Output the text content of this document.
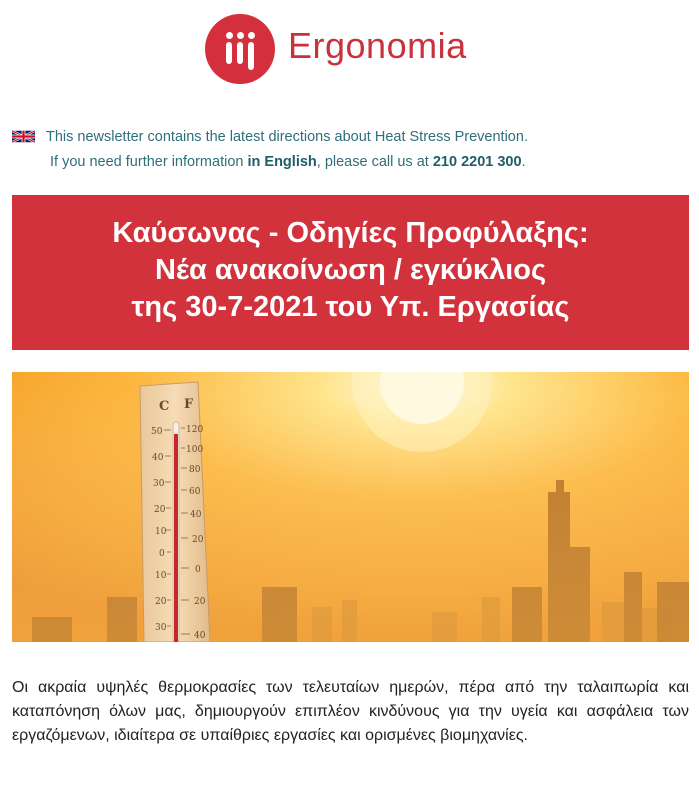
Ergonomia
This newsletter contains the latest directions about Heat Stress Prevention.
If you need further information in English, please call us at 210 2201 300.
Καύσωνας - Οδηγίες Προφύλαξης:
Νέα ανακοίνωση / εγκύκλιος
της 30-7-2021 του Υπ. Εργασίας
C F
50
40
30
20
10
0
10
20
30
120
100
80
60
40
20
0
20
40
Οι ακραία υψηλές θερμοκρασίες των τελευταίων ημερών, πέρα από την ταλαιπωρία και καταπόνηση όλων μας, δημιουργούν επιπλέον κινδύνους για την υγεία και ασφάλεια των εργαζόμενων, ιδιαίτερα σε υπαίθριες εργασίες και ορισμένες βιομηχανίες.
